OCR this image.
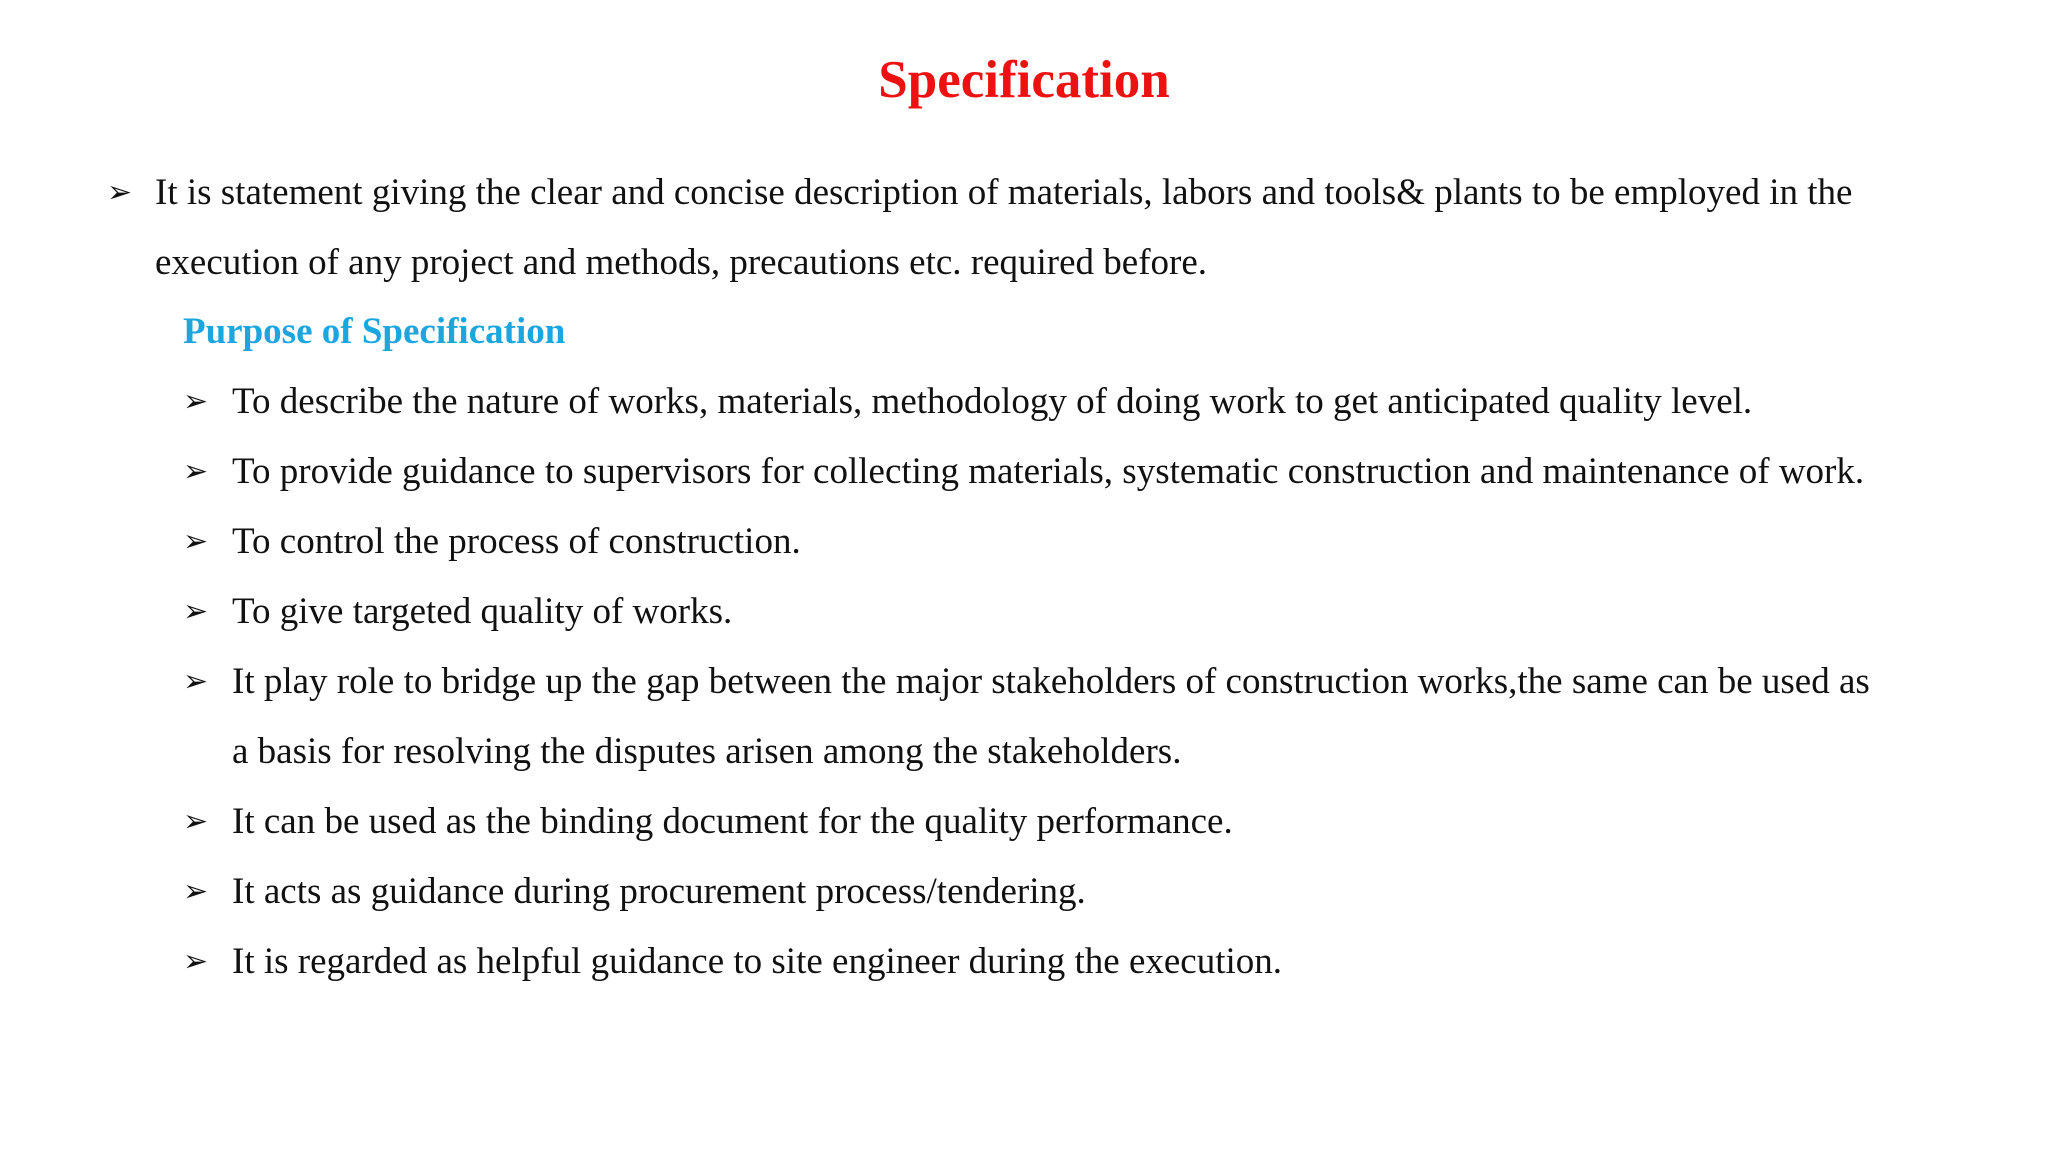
Specification
➢ It is statement giving the clear and concise description of materials, labors and tools& plants to be employed in the execution of any project and methods, precautions etc. required before.
Purpose of Specification
➢ To describe the nature of works, materials, methodology of doing work to get anticipated quality level.
➢ To provide guidance to supervisors for collecting materials, systematic construction and maintenance of work.
➢ To control the process of construction.
➢ To give targeted quality of works.
➢ It play role to bridge up the gap between the major stakeholders of construction works,the same can be used as a basis for resolving the disputes arisen among the stakeholders.
➢ It can be used as the binding document for the quality performance.
➢ It acts as guidance during procurement process/tendering.
➢ It is regarded as helpful guidance to site engineer during the execution.
